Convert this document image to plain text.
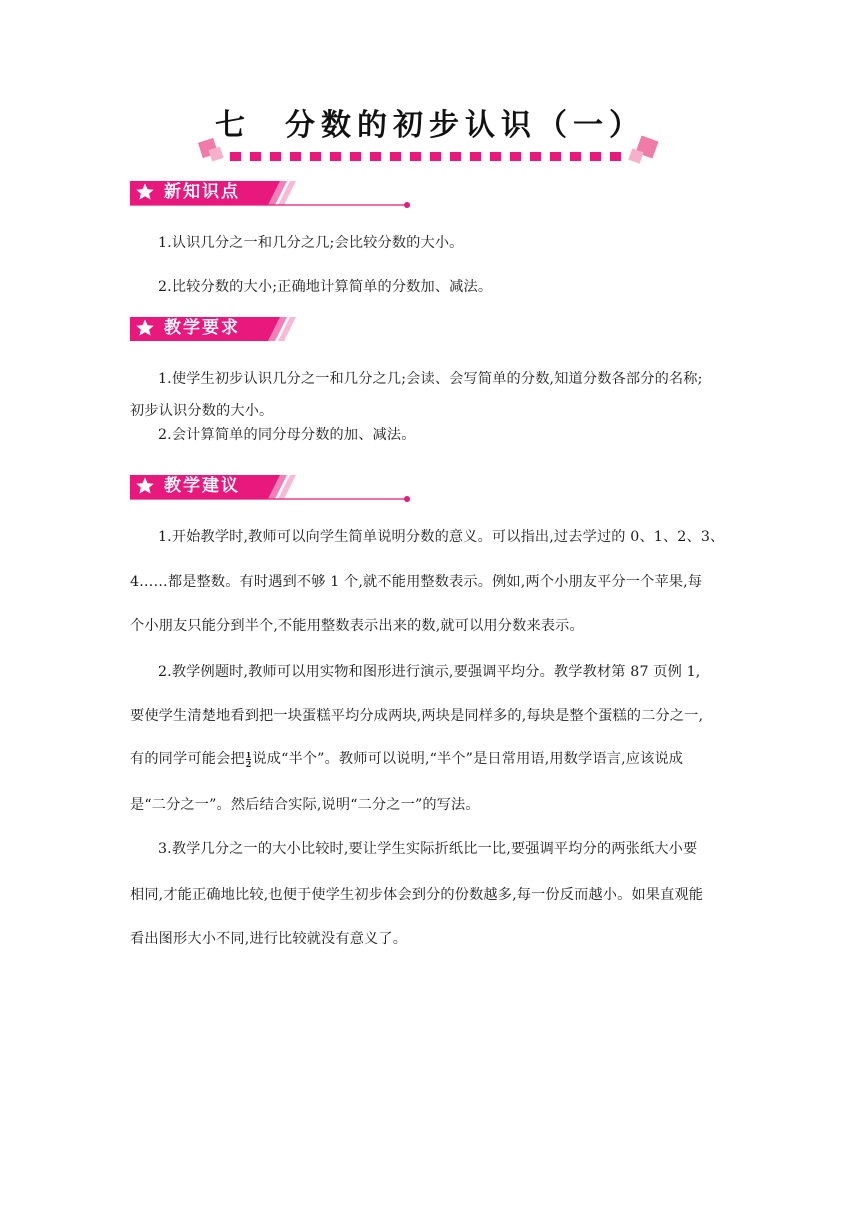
七 分数的初步认识（一）
新知识点
1.认识几分之一和几分之几;会比较分数的大小。
2.比较分数的大小;正确地计算简单的分数加、减法。
教学要求
1.使学生初步认识几分之一和几分之几;会读、会写简单的分数,知道分数各部分的名称;
初步认识分数的大小。
2.会计算简单的同分母分数的加、减法。
教学建议
1.开始教学时,教师可以向学生简单说明分数的意义。可以指出,过去学过的 0、1、2、3、
4……都是整数。有时遇到不够 1 个,就不能用整数表示。例如,两个小朋友平分一个苹果,每
个小朋友只能分到半个,不能用整数表示出来的数,就可以用分数来表示。
2.教学例题时,教师可以用实物和图形进行演示,要强调平均分。教学教材第 87 页例 1,
要使学生清楚地看到把一块蛋糕平均分成两块,两块是同样多的,每块是整个蛋糕的二分之一,
有的同学可能会把 $\frac{1}{2}$ 说成“半个”。教师可以说明,“半个”是日常用语,用数学语言,应该说成
是“二分之一”。然后结合实际,说明“二分之一”的写法。
3.教学几分之一的大小比较时,要让学生实际折纸比一比,要强调平均分的两张纸大小要
相同,才能正确地比较,也便于使学生初步体会到分的份数越多,每一份反而越小。如果直观能
看出图形大小不同,进行比较就没有意义了。
